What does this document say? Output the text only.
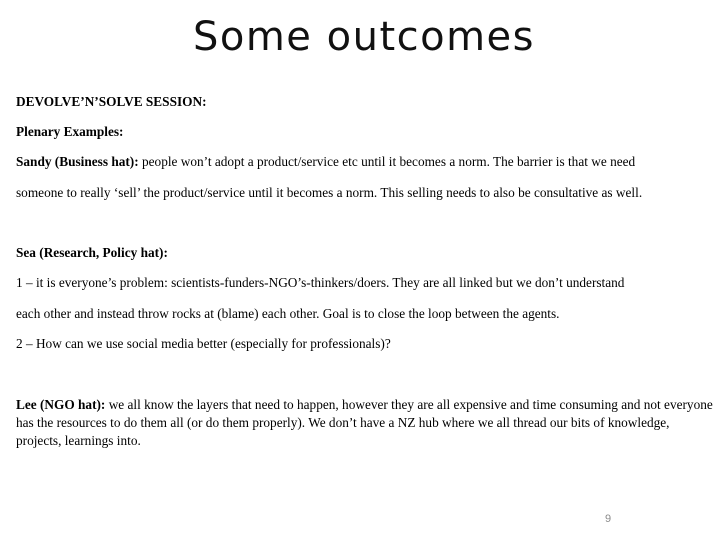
Some outcomes
DEVOLVE’N’SOLVE SESSION:
Plenary Examples:
Sandy (Business hat): people won’t adopt a product/service etc until it becomes a norm. The barrier is that we need
someone to really ‘sell’ the product/service until it becomes a norm. This selling needs to also be consultative as well.
Sea (Research, Policy hat):
1 – it is everyone’s problem: scientists-funders-NGO’s-thinkers/doers. They are all linked but we don’t understand
each other and instead throw rocks at (blame) each other. Goal is to close the loop between the agents.
2 – How can we use social media better (especially for professionals)?
Lee (NGO hat): we all know the layers that need to happen, however they are all expensive and time consuming and not everyone has the resources to do them all (or do them properly). We don’t have a NZ hub where we all thread our bits of knowledge, projects, learnings into.
9
